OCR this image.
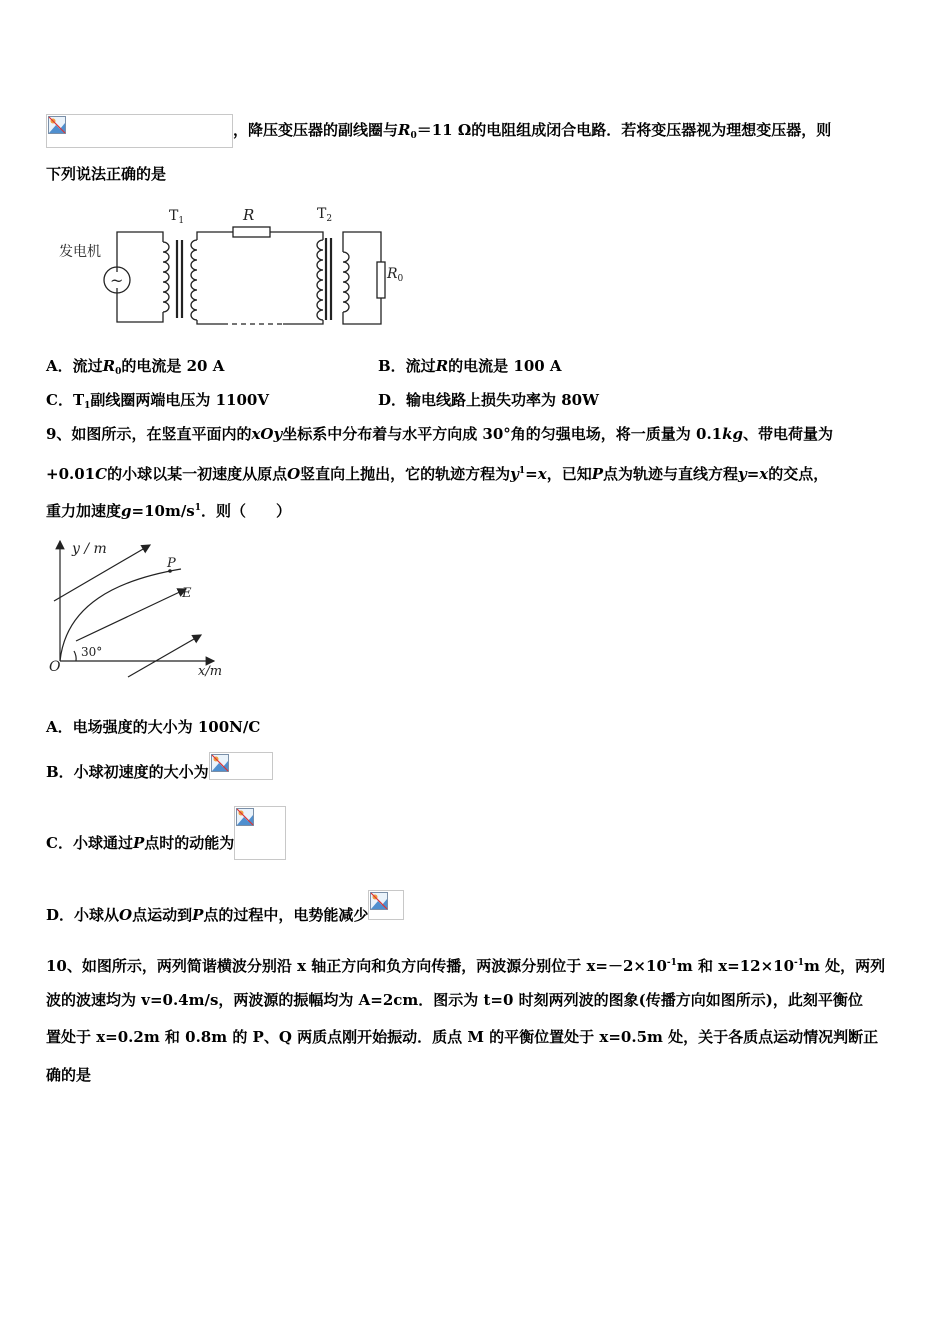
，降压变压器的副线圈与$R_0=11$ Ω的电阻组成闭合电路．若将变压器视为理想变压器，则
下列说法正确的是
发电机
~
$T_1$	R	$T_2$
$R_0$
A．流过$R_0$的电流是 20 A	B．流过R的电流是 100 A
C．$T_1$副线圈两端电压为 1100V	D．输电线路上损失功率为 80W
9、如图所示，在竖直平面内的xOy坐标系中分布着与水平方向成 30°角的匀强电场，将一质量为 0.1kg、带电荷量为
+0.01C的小球以某一初速度从原点O竖直向上抛出，它的轨迹方程为$y^1=x$，已知P点为轨迹与直线方程y=x的交点，
重力加速度$g=10m/s^1$．则（　　）
y / m
x/m
P
E
O
30°
A．电场强度的大小为 100N/C
B．小球初速度的大小为
C．小球通过P点时的动能为
D．小球从O点运动到P点的过程中，电势能减少
10、如图所示，两列简谐横波分别沿 x 轴正方向和负方向传播，两波源分别位于 $x=-2\times 10^{-1}m$ 和 $x=12\times 10^{-1}m$ 处，两列
波的波速均为 v=0.4m/s，两波源的振幅均为 A=2cm．图示为 t=0 时刻两列波的图象(传播方向如图所示)，此刻平衡位
置处于 x=0.2m 和 0.8m 的 P、Q 两质点刚开始振动．质点 M 的平衡位置处于 x=0.5m 处，关于各质点运动情况判断正
确的是
